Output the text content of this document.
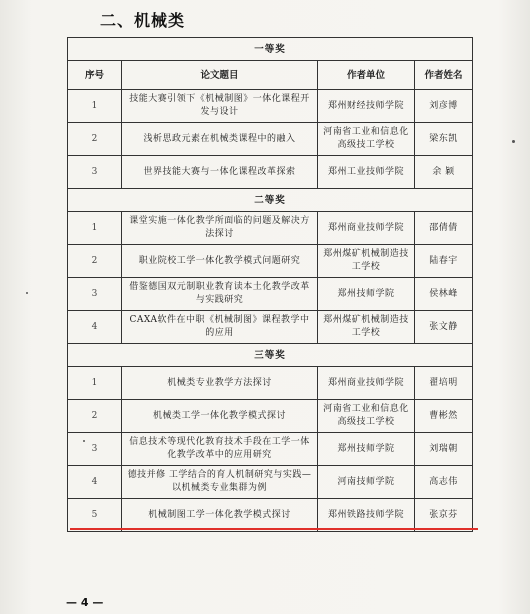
二、机械类
一等奖			
序号	论文题目	作者单位	作者姓名
1	技能大赛引领下《机械制图》一体化课程开发与设计	郑州财经技师学院	刘彦博
2	浅析思政元素在机械类课程中的融入	河南省工业和信息化高级技工学校	梁东凯
3	世界技能大赛与一体化课程改革探索	郑州工业技师学院	余 颖
二等奖			
1	课堂实施一体化教学所面临的问题及解决方法探讨	郑州商业技师学院	邵倩倩
2	职业院校工学一体化教学模式问题研究	郑州煤矿机械制造技工学校	陆春宇
3	借鉴德国双元制职业教育读本土化教学改革与实践研究	郑州技师学院	侯林峰
4	CAXA软件在中职《机械制图》课程教学中的应用	郑州煤矿机械制造技工学校	张文静
三等奖			
1	机械类专业教学方法探讨	郑州商业技师学院	翟培明
2	机械类工学一体化教学模式探讨	河南省工业和信息化高级技工学校	曹彬然
3	信息技术等现代化教育技术手段在工学一体化教学改革中的应用研究	郑州技师学院	刘瑞朝
4	德技并修 工学结合的育人机制研究与实践—以机械类专业集群为例	河南技师学院	高志伟
5	机械制图工学一体化教学模式探讨	郑州铁路技师学院	张京芬
— 4 —
